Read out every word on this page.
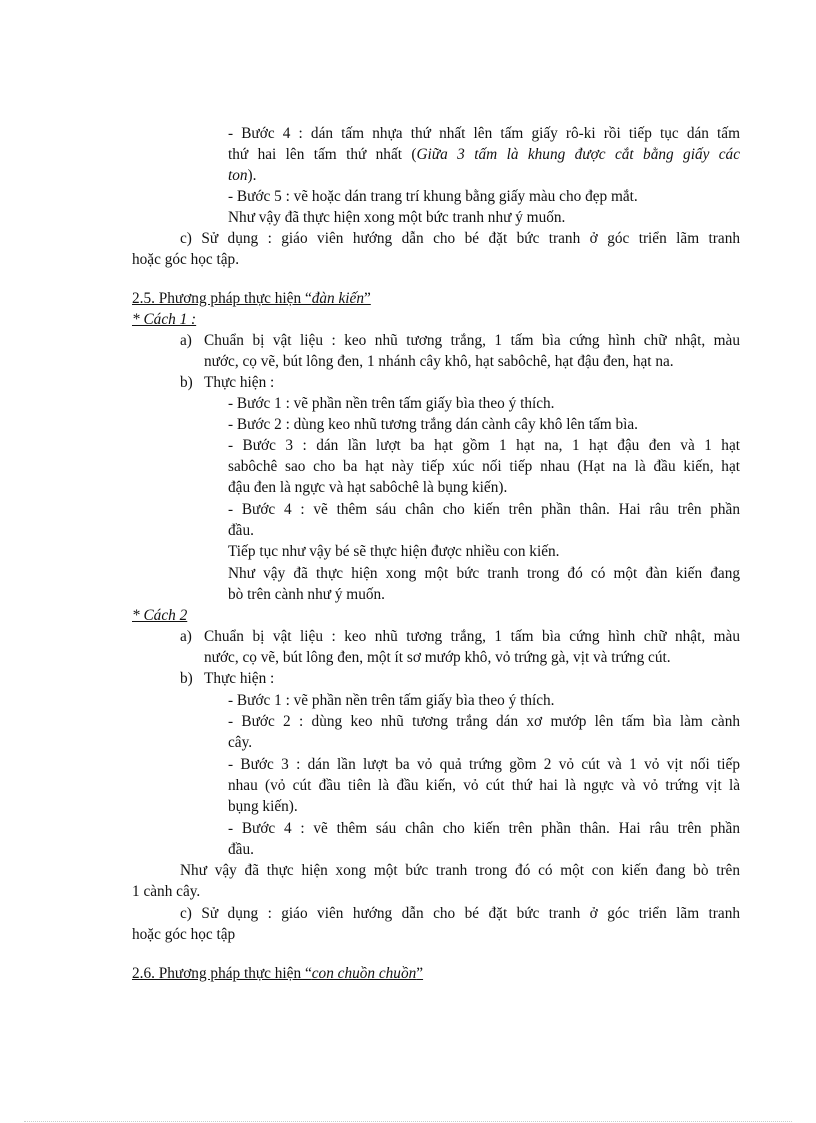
- Bước 4 : dán tấm nhựa thứ nhất lên tấm giấy rô-ki rồi tiếp tục dán tấm
thứ hai lên tấm thứ nhất (Giữa 3 tấm là khung được cắt bằng giấy các
ton).
- Bước 5 : vẽ hoặc dán trang trí khung bằng giấy màu cho đẹp mắt.
Như vậy đã thực hiện xong một bức tranh như ý muốn.
c) Sử dụng : giáo viên hướng dẫn cho bé đặt bức tranh ở góc triển lãm tranh
hoặc góc học tập.
2.5. Phương pháp thực hiện “đàn kiến”
* Cách 1 :
a) Chuẩn bị vật liệu : keo nhũ tương trắng, 1 tấm bìa cứng hình chữ nhật, màu
nước, cọ vẽ, bút lông đen, 1 nhánh cây khô, hạt sabôchê, hạt đậu đen, hạt na.
b) Thực hiện :
- Bước 1 : vẽ phần nền trên tấm giấy bìa theo ý thích.
- Bước 2 : dùng keo nhũ tương trắng dán cành cây khô lên tấm bìa.
- Bước 3 : dán lần lượt ba hạt gồm 1 hạt na, 1 hạt đậu đen và 1 hạt
sabôchê sao cho ba hạt này tiếp xúc nối tiếp nhau (Hạt na là đầu kiến, hạt
đậu đen là ngực và hạt sabôchê là bụng kiến).
- Bước 4 : vẽ thêm sáu chân cho kiến trên phần thân. Hai râu trên phần
đầu.
Tiếp tục như vậy bé sẽ thực hiện được nhiều con kiến.
Như vậy đã thực hiện xong một bức tranh trong đó có một đàn kiến đang
bò trên cành như ý muốn.
* Cách 2
a) Chuẩn bị vật liệu : keo nhũ tương trắng, 1 tấm bìa cứng hình chữ nhật, màu
nước, cọ vẽ, bút lông đen, một ít sơ mướp khô, vỏ trứng gà, vịt và trứng cút.
b) Thực hiện :
- Bước 1 : vẽ phần nền trên tấm giấy bìa theo ý thích.
- Bước 2 : dùng keo nhũ tương trắng dán xơ mướp lên tấm bìa làm cành
cây.
- Bước 3 : dán lần lượt ba vỏ quả trứng gồm 2 vỏ cút và 1 vỏ vịt nối tiếp
nhau (vỏ cút đầu tiên là đầu kiến, vỏ cút thứ hai là ngực và vỏ trứng vịt là
bụng kiến).
- Bước 4 : vẽ thêm sáu chân cho kiến trên phần thân. Hai râu trên phần
đầu.
Như vậy đã thực hiện xong một bức tranh trong đó có một con kiến đang bò trên
1 cành cây.
c) Sử dụng : giáo viên hướng dẫn cho bé đặt bức tranh ở góc triển lãm tranh
hoặc góc học tập
2.6. Phương pháp thực hiện “con chuồn chuồn”
